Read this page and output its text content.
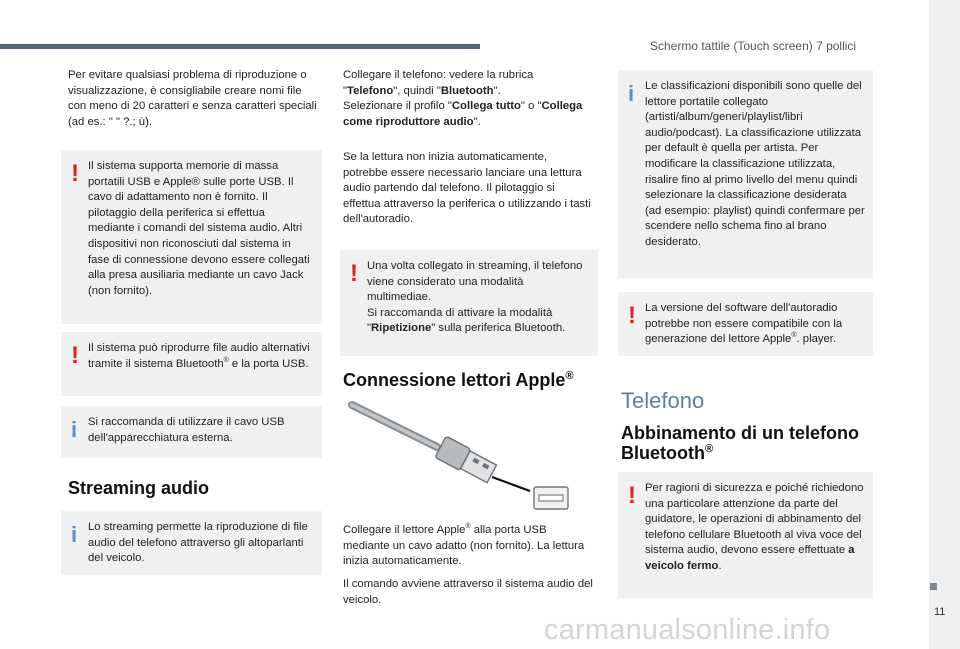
Schermo tattile (Touch screen) 7 pollici
11
carmanualsonline.info

Per evitare qualsiasi problema di riproduzione o visualizzazione, è consigliabile creare nomi file con meno di 20 caratteri e senza caratteri speciali (ad es.: " " ?.; ù).

! Il sistema supporta memorie di massa portatili USB e Apple® sulle porte USB. Il cavo di adattamento non è fornito. Il pilotaggio della periferica si effettua mediante i comandi del sistema audio. Altri dispositivi non riconosciuti dal sistema in fase di connessione devono essere collegati alla presa ausiliaria mediante un cavo Jack (non fornito).
! Il sistema può riprodurre file audio alternativi tramite il sistema Bluetooth® e la porta USB.
i Si raccomanda di utilizzare il cavo USB dell'apparecchiatura esterna.
Streaming audio
i Lo streaming permette la riproduzione di file audio del telefono attraverso gli altoparlanti del veicolo.

Collegare il telefono: vedere la rubrica "Telefono", quindi "Bluetooth".
Selezionare il profilo "Collega tutto" o "Collega come riproduttore audio".

Se la lettura non inizia automaticamente, potrebbe essere necessario lanciare una lettura audio partendo dal telefono. Il pilotaggio si effettua attraverso la periferica o utilizzando i tasti dell'autoradio.

! Una volta collegato in streaming, il telefono viene considerato una modalità multimediae.
Si raccomanda di attivare la modalità "Ripetizione" sulla periferica Bluetooth.
Connessione lettori Apple®

Collegare il lettore Apple® alla porta USB mediante un cavo adatto (non fornito). La lettura inizia automaticamente.

Il comando avviene attraverso il sistema audio del veicolo.

i Le classificazioni disponibili sono quelle del lettore portatile collegato (artisti/album/generi/playlist/libri audio/podcast). La classificazione utilizzata per default è quella per artista. Per modificare la classificazione utilizzata, risalire fino al primo livello del menu quindi selezionare la classificazione desiderata (ad esempio: playlist) quindi confermare per scendere nello schema fino al brano desiderato.
! La versione del software dell'autoradio potrebbe non essere compatibile con la generazione del lettore Apple®. player.
Telefono
Abbinamento di un telefono Bluetooth®
! Per ragioni di sicurezza e poiché richiedono una particolare attenzione da parte del guidatore, le operazioni di abbinamento del telefono cellulare Bluetooth al viva voce del sistema audio, devono essere effettuate a veicolo fermo.
